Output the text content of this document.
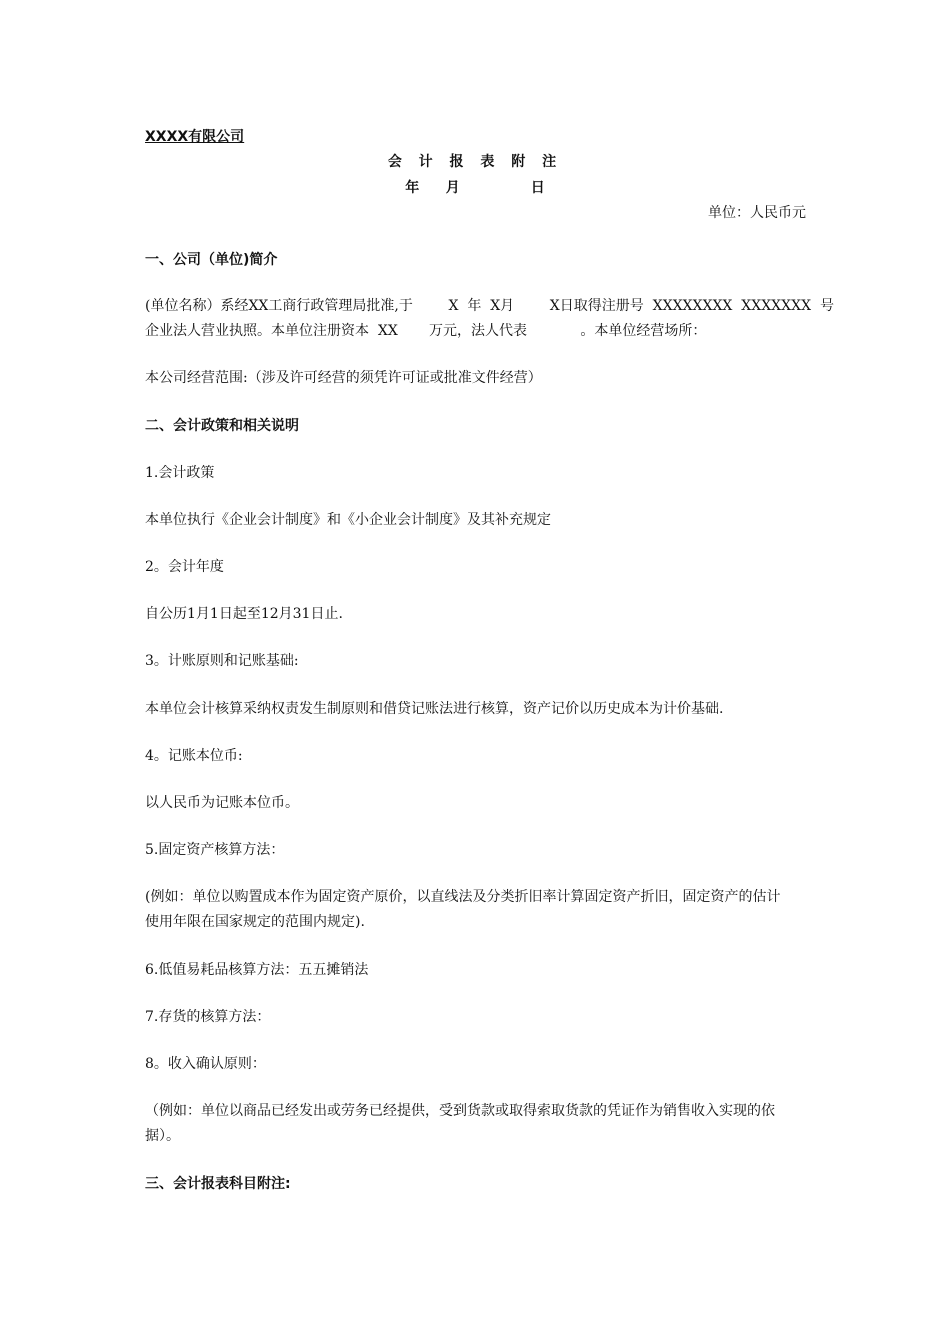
XXXX有限公司
会 计 报 表 附 注
年   月        日
单位：人民币元
一、公司（单位)简介
(单位名称）系经XX工商行政管理局批准,于        X  年  X月        X日取得注册号  XXXXXXXX  XXXXXXX  号
企业法人营业执照。本单位注册资本  XX       万元，法人代表            。本单位经营场所：
本公司经营范围:（涉及许可经营的须凭许可证或批准文件经营）
二、会计政策和相关说明
1.会计政策
本单位执行《企业会计制度》和《小企业会计制度》及其补充规定
2。会计年度
自公历1月1日起至12月31日止.
3。计账原则和记账基础:
本单位会计核算采纳权责发生制原则和借贷记账法进行核算，资产记价以历史成本为计价基础.
4。记账本位币:
以人民币为记账本位币。
5.固定资产核算方法：
(例如：单位以购置成本作为固定资产原价，以直线法及分类折旧率计算固定资产折旧，固定资产的估计
使用年限在国家规定的范围内规定).
6.低值易耗品核算方法：五五摊销法
7.存货的核算方法：
8。收入确认原则：
（例如：单位以商品已经发出或劳务已经提供，受到货款或取得索取货款的凭证作为销售收入实现的依
据）。
三、会计报表科目附注:
